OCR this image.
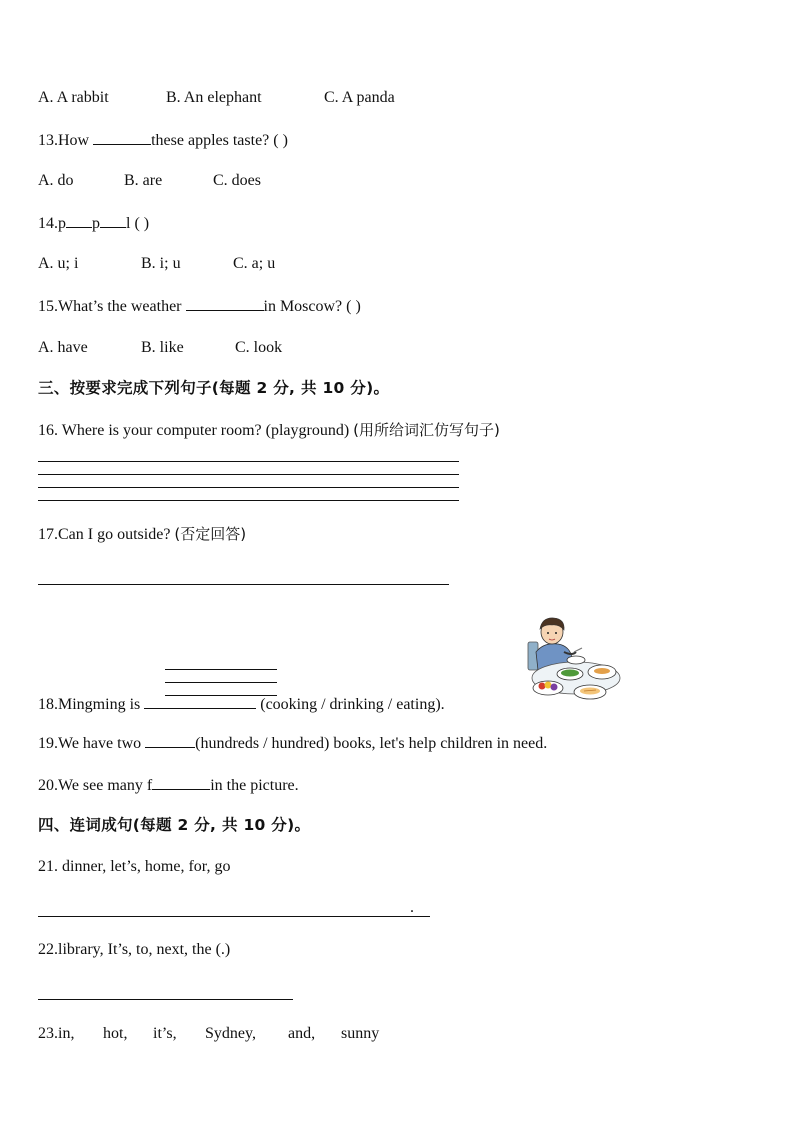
A. A rabbit	B. An elephant	C. A panda
13.How	these apples taste? ( )
A. do	B. are	C. does
14.p p l ( )
A. u; i	B. i; u	C. a; u
15.What’s the weather	in Moscow? ( )
A. have	B. like	C. look
三、按要求完成下列句子(每题 2 分, 共 10 分)。
16. Where is your computer room? (playground) (用所给词汇仿写句子)
17.Can I go outside? (否定回答)
18.Mingming is	(cooking / drinking / eating).
19.We have two	(hundreds / hundred) books, let's help children in need.
20.We see many f	in the picture.
四、连词成句(每题 2 分, 共 10 分)。
21. dinner, let’s, home, for, go
.
22.library, It’s, to, next, the (.)
23.in, hot, it’s, Sydney, and, sunny
